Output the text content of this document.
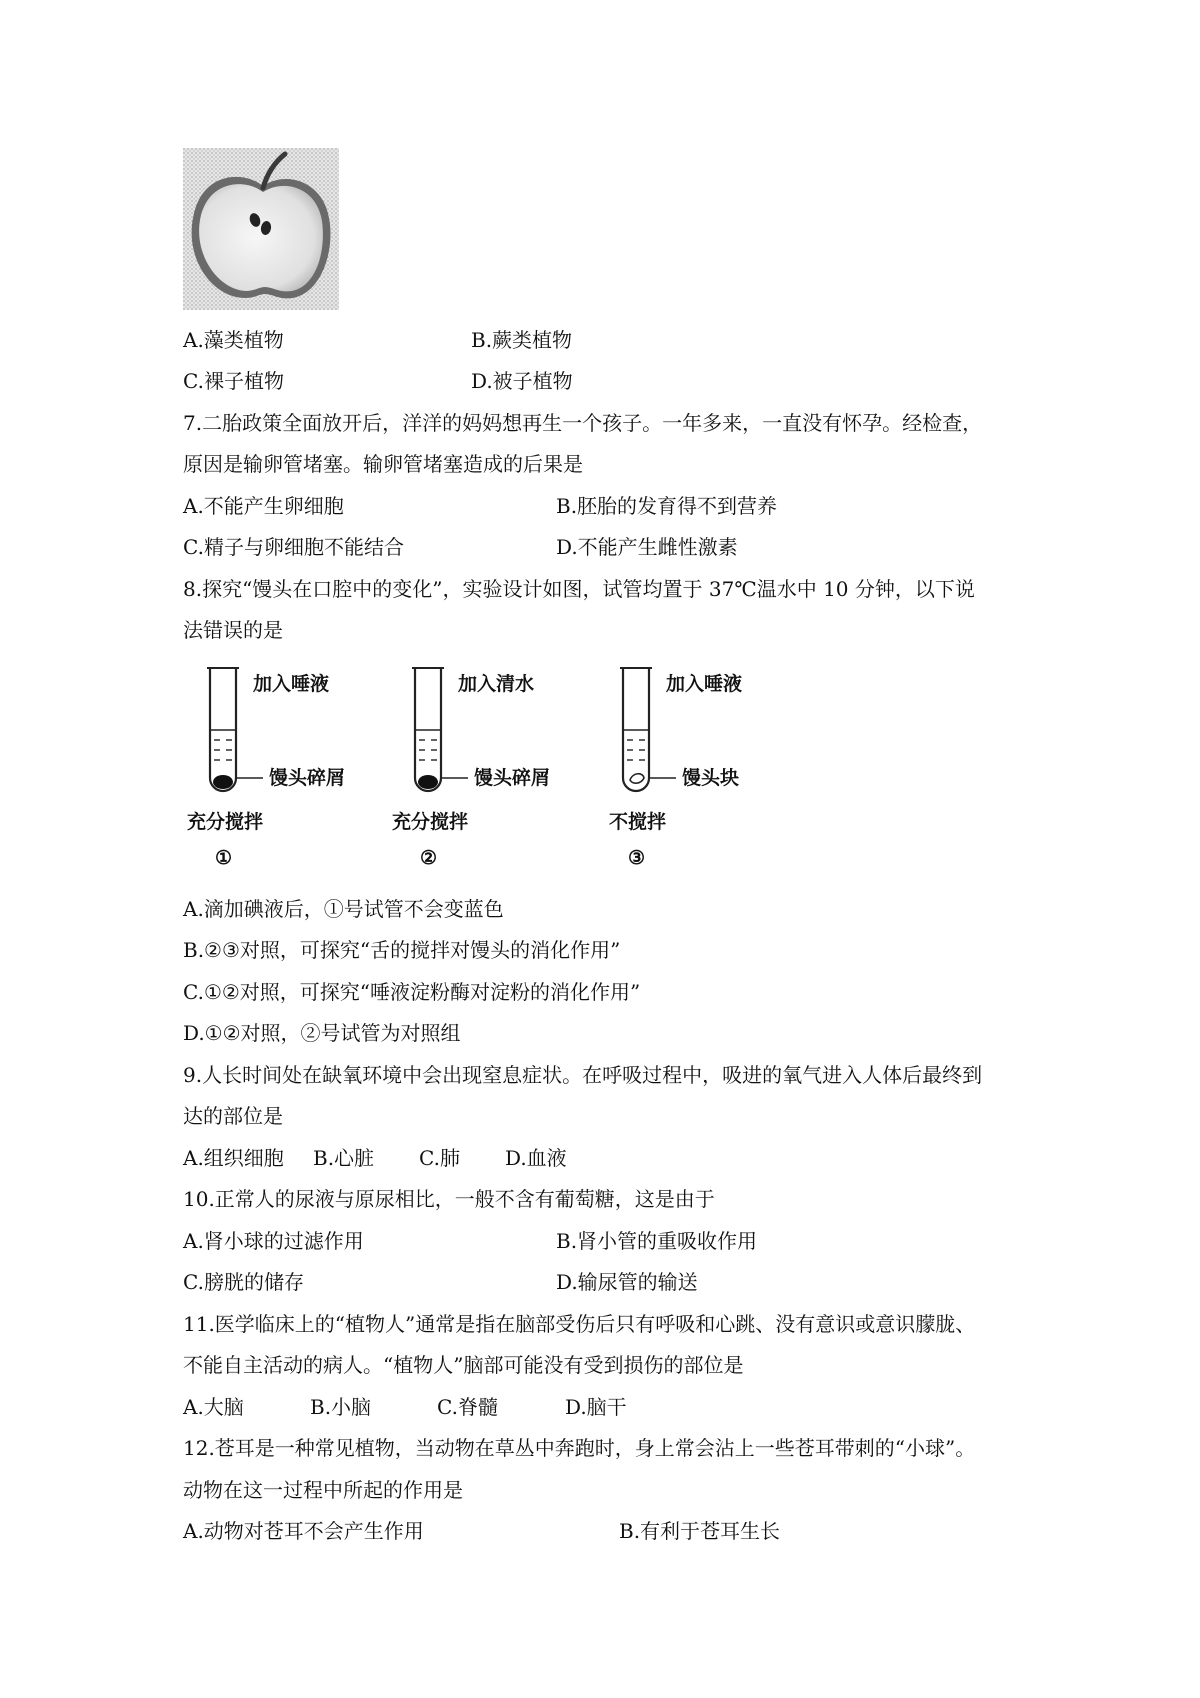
A.藻类植物	B.蕨类植物
C.裸子植物	D.被子植物
7.二胎政策全面放开后，洋洋的妈妈想再生一个孩子。一年多来，一直没有怀孕。经检查，
原因是输卵管堵塞。输卵管堵塞造成的后果是
A.不能产生卵细胞	B.胚胎的发育得不到营养
C.精子与卵细胞不能结合	D.不能产生雌性激素
8.探究“馒头在口腔中的变化”，实验设计如图，试管均置于 37℃温水中 10 分钟，以下说
法错误的是
加入唾液
馒头碎屑
充分搅拌
①
加入清水
馒头碎屑
充分搅拌
②
加入唾液
馒头块
不搅拌
③
A.滴加碘液后，①号试管不会变蓝色
B.②③对照，可探究“舌的搅拌对馒头的消化作用”
C.①②对照，可探究“唾液淀粉酶对淀粉的消化作用”
D.①②对照，②号试管为对照组
9.人长时间处在缺氧环境中会出现窒息症状。在呼吸过程中，吸进的氧气进入人体后最终到
达的部位是
A.组织细胞 B.心脏 C.肺 D.血液
10.正常人的尿液与原尿相比，一般不含有葡萄糖，这是由于
A.肾小球的过滤作用	B.肾小管的重吸收作用
C.膀胱的储存	D.输尿管的输送
11.医学临床上的“植物人”通常是指在脑部受伤后只有呼吸和心跳、没有意识或意识朦胧、
不能自主活动的病人。“植物人”脑部可能没有受到损伤的部位是
A.大脑	B.小脑	C.脊髓	D.脑干
12.苍耳是一种常见植物，当动物在草丛中奔跑时，身上常会沾上一些苍耳带刺的“小球”。
动物在这一过程中所起的作用是
A.动物对苍耳不会产生作用	B.有利于苍耳生长
